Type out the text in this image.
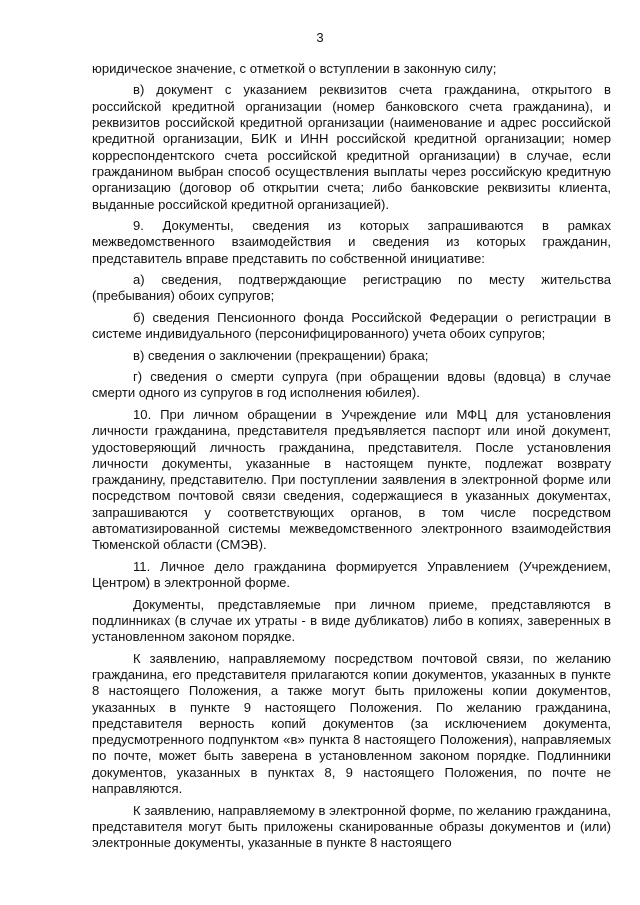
3

юридическое значение, с отметкой о вступлении в законную силу;

в) документ с указанием реквизитов счета гражданина, открытого в российской кредитной организации (номер банковского счета гражданина), и реквизитов российской кредитной организации (наименование и адрес российской кредитной организации, БИК и ИНН российской кредитной организации; номер корреспондентского счета российской кредитной организации) в случае, если гражданином выбран способ осуществления выплаты через российскую кредитную организацию (договор об открытии счета; либо банковские реквизиты клиента, выданные российской кредитной организацией).

9. Документы, сведения из которых запрашиваются в рамках межведомственного взаимодействия и сведения из которых гражданин, представитель вправе представить по собственной инициативе:

а) сведения, подтверждающие регистрацию по месту жительства (пребывания) обоих супругов;

б) сведения Пенсионного фонда Российской Федерации о регистрации в системе индивидуального (персонифицированного) учета обоих супругов;

в) сведения о заключении (прекращении) брака;

г) сведения о смерти супруга (при обращении вдовы (вдовца) в случае смерти одного из супругов в год исполнения юбилея).

10. При личном обращении в Учреждение или МФЦ для установления личности гражданина, представителя предъявляется паспорт или иной документ, удостоверяющий личность гражданина, представителя. После установления личности документы, указанные в настоящем пункте, подлежат возврату гражданину, представителю. При поступлении заявления в электронной форме или посредством почтовой связи сведения, содержащиеся в указанных документах, запрашиваются у соответствующих органов, в том числе посредством автоматизированной системы межведомственного электронного взаимодействия Тюменской области (СМЭВ).

11. Личное дело гражданина формируется Управлением (Учреждением, Центром) в электронной форме.

Документы, представляемые при личном приеме, представляются в подлинниках (в случае их утраты - в виде дубликатов) либо в копиях, заверенных в установленном законом порядке.

К заявлению, направляемому посредством почтовой связи, по желанию гражданина, его представителя прилагаются копии документов, указанных в пункте 8 настоящего Положения, а также могут быть приложены копии документов, указанных в пункте 9 настоящего Положения. По желанию гражданина, представителя верность копий документов (за исключением документа, предусмотренного подпунктом «в» пункта 8 настоящего Положения), направляемых по почте, может быть заверена в установленном законом порядке. Подлинники документов, указанных в пунктах 8, 9 настоящего Положения, по почте не направляются.

К заявлению, направляемому в электронной форме, по желанию гражданина, представителя могут быть приложены сканированные образы документов и (или) электронные документы, указанные в пункте 8 настоящего
